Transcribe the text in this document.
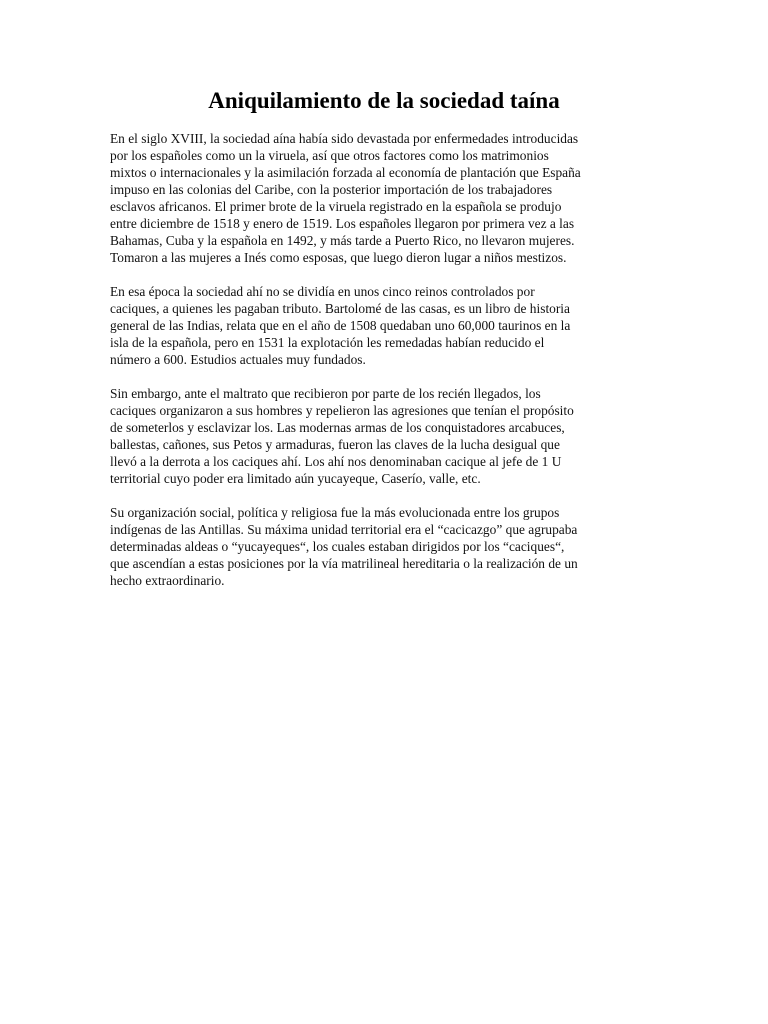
Aniquilamiento de la sociedad taína

En el siglo XVIII, la sociedad aína había sido devastada por enfermedades introducidas
por los españoles como un la viruela, así que otros factores como los matrimonios
mixtos o internacionales y la asimilación forzada al economía de plantación que España
impuso en las colonias del Caribe, con la posterior importación de los trabajadores
esclavos africanos. El primer brote de la viruela registrado en la española se produjo
entre diciembre de 1518 y enero de 1519. Los españoles llegaron por primera vez a las
Bahamas, Cuba y la española en 1492, y más tarde a Puerto Rico, no llevaron mujeres.
Tomaron a las mujeres a Inés como esposas, que luego dieron lugar a niños mestizos.

En esa época la sociedad ahí no se dividía en unos cinco reinos controlados por
caciques, a quienes les pagaban tributo. Bartolomé de las casas, es un libro de historia
general de las Indias, relata que en el año de 1508 quedaban uno 60,000 taurinos en la
isla de la española, pero en 1531 la explotación les remedadas habían reducido el
número a 600. Estudios actuales muy fundados.

Sin embargo, ante el maltrato que recibieron por parte de los recién llegados, los
caciques organizaron a sus hombres y repelieron las agresiones que tenían el propósito
de someterlos y esclavizar los. Las modernas armas de los conquistadores arcabuces,
ballestas, cañones, sus Petos y armaduras, fueron las claves de la lucha desigual que
llevó a la derrota a los caciques ahí. Los ahí nos denominaban cacique al jefe de 1 U
territorial cuyo poder era limitado aún yucayeque, Caserío, valle, etc.

Su organización social, política y religiosa fue la más evolucionada entre los grupos
indígenas de las Antillas. Su máxima unidad territorial era el “cacicazgo” que agrupaba
determinadas aldeas o “yucayeques“, los cuales estaban dirigidos por los “caciques“,
que ascendían a estas posiciones por la vía matrilineal hereditaria o la realización de un
hecho extraordinario.
